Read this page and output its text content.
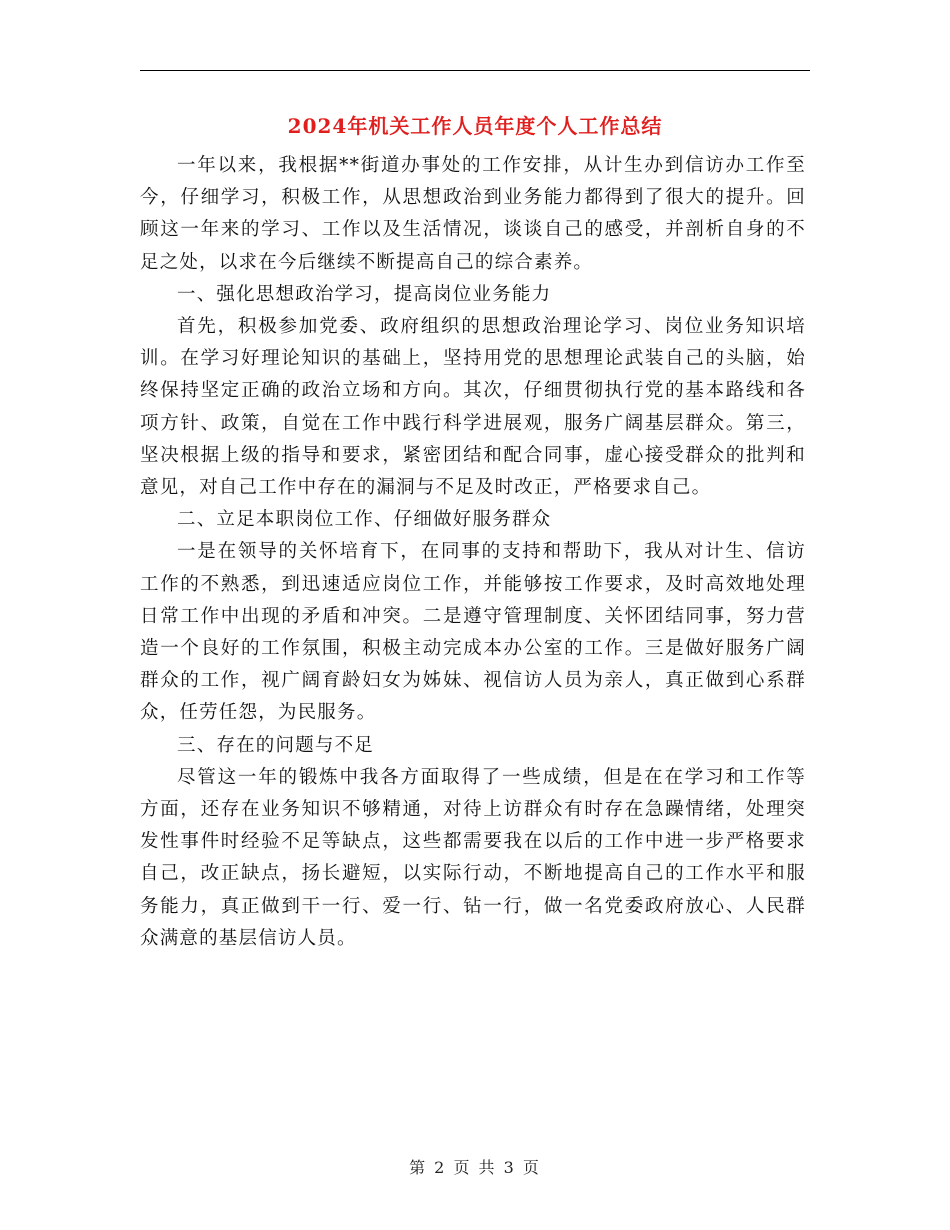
2024年机关工作人员年度个人工作总结

一年以来，我根据**街道办事处的工作安排，从计生办到信访办工作至今，仔细学习，积极工作，从思想政治到业务能力都得到了很大的提升。回顾这一年来的学习、工作以及生活情况，谈谈自己的感受，并剖析自身的不足之处，以求在今后继续不断提高自己的综合素养。

一、强化思想政治学习，提高岗位业务能力

首先，积极参加党委、政府组织的思想政治理论学习、岗位业务知识培训。在学习好理论知识的基础上，坚持用党的思想理论武装自己的头脑，始终保持坚定正确的政治立场和方向。其次，仔细贯彻执行党的基本路线和各项方针、政策，自觉在工作中践行科学进展观，服务广阔基层群众。第三，坚决根据上级的指导和要求，紧密团结和配合同事，虚心接受群众的批判和意见，对自己工作中存在的漏洞与不足及时改正，严格要求自己。

二、立足本职岗位工作、仔细做好服务群众

一是在领导的关怀培育下，在同事的支持和帮助下，我从对计生、信访工作的不熟悉，到迅速适应岗位工作，并能够按工作要求，及时高效地处理日常工作中出现的矛盾和冲突。二是遵守管理制度、关怀团结同事，努力营造一个良好的工作氛围，积极主动完成本办公室的工作。三是做好服务广阔群众的工作，视广阔育龄妇女为姊妹、视信访人员为亲人，真正做到心系群众，任劳任怨，为民服务。

三、存在的问题与不足

尽管这一年的锻炼中我各方面取得了一些成绩，但是在在学习和工作等方面，还存在业务知识不够精通，对待上访群众有时存在急躁情绪，处理突发性事件时经验不足等缺点，这些都需要我在以后的工作中进一步严格要求自己，改正缺点，扬长避短，以实际行动，不断地提高自己的工作水平和服务能力，真正做到干一行、爱一行、钻一行，做一名党委政府放心、人民群众满意的基层信访人员。

第 2 页 共 3 页
